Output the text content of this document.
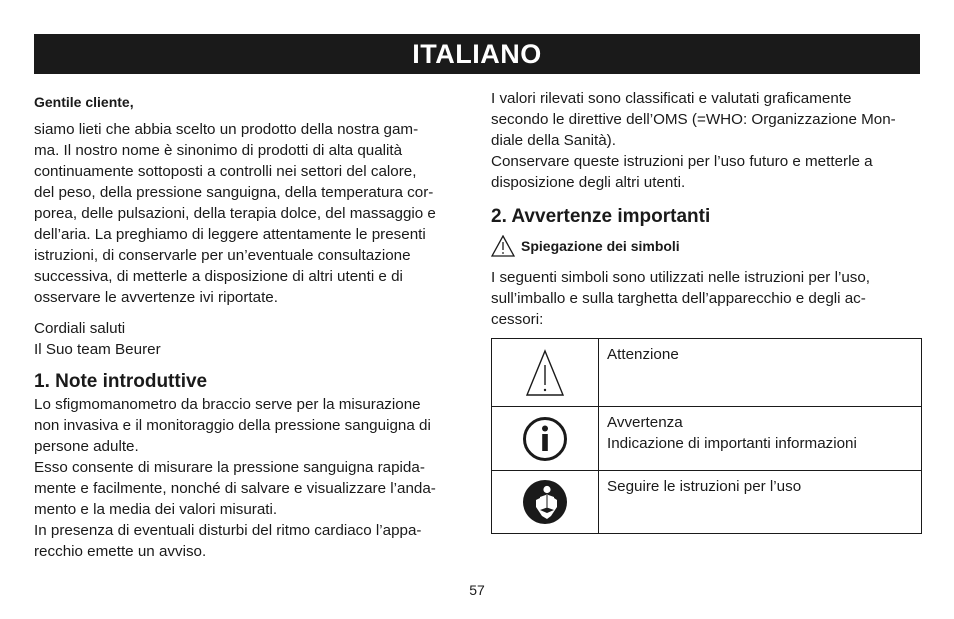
ITALIANO

Gentile cliente,

siamo lieti che abbia scelto un prodotto della nostra gam-
ma. Il nostro nome è sinonimo di prodotti di alta qualità
continuamente sottoposti a controlli nei settori del calore,
del peso, della pressione sanguigna, della temperatura cor-
porea, delle pulsazioni, della terapia dolce, del massaggio e
dell’aria. La preghiamo di leggere attentamente le presenti
istruzioni, di conservarle per un’eventuale consultazione
successiva, di metterle a disposizione di altri utenti e di
osservare le avvertenze ivi riportate.

Cordiali saluti
Il Suo team Beurer

1. Note introduttive

Lo sfigmomanometro da braccio serve per la misurazione
non invasiva e il monitoraggio della pressione sanguigna di
persone adulte.
Esso consente di misurare la pressione sanguigna rapida-
mente e facilmente, nonché di salvare e visualizzare l’anda-
mento e la media dei valori misurati.
In presenza di eventuali disturbi del ritmo cardiaco l’appa-
recchio emette un avviso.

I valori rilevati sono classificati e valutati graficamente
secondo le direttive dell’OMS (=WHO: Organizzazione Mon-
diale della Sanità).
Conservare queste istruzioni per l’uso futuro e metterle a
disposizione degli altri utenti.

2. Avvertenze importanti
Spiegazione dei simboli

I seguenti simboli sono utilizzati nelle istruzioni per l’uso,
sull’imballo e sulla targhetta dell’apparecchio e degli ac-
cessori:

	Attenzione
	Avvertenza
Indicazione di importanti informazioni
	Seguire le istruzioni per l’uso
57
